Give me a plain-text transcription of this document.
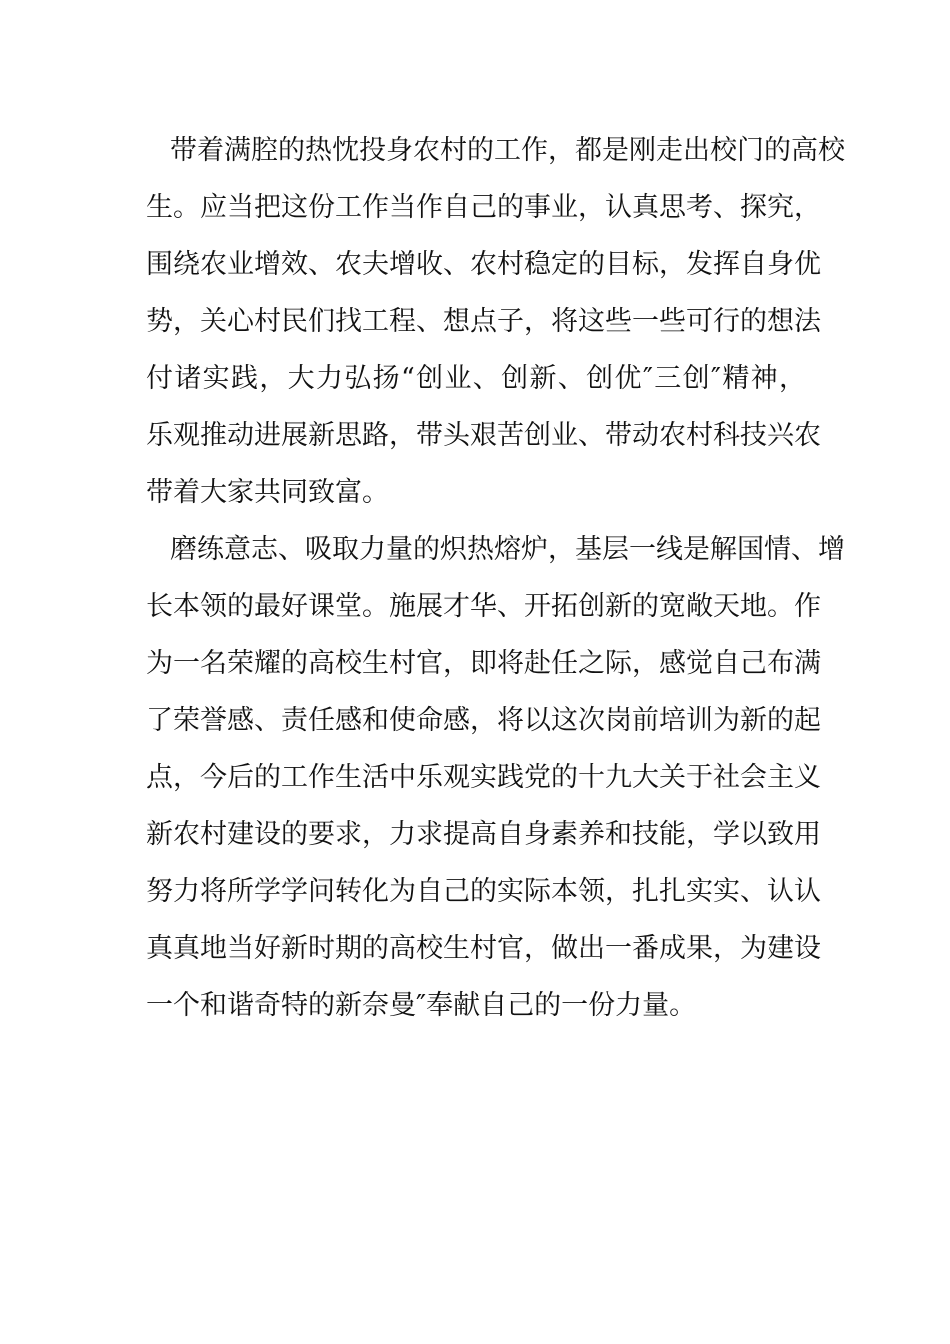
带着满腔的热忱投身农村的工作，都是刚走出校门的高校
生。应当把这份工作当作自己的事业，认真思考、探究，
围绕农业增效、农夫增收、农村稳定的目标，发挥自身优
势，关心村民们找工程、想点子，将这些一些可行的想法
付诸实践，大力弘扬“创业、创新、创优″三创″精神，
乐观推动进展新思路，带头艰苦创业、带动农村科技兴农
带着大家共同致富。
磨练意志、吸取力量的炽热熔炉，基层一线是解国情、增
长本领的最好课堂。施展才华、开拓创新的宽敞天地。作
为一名荣耀的高校生村官，即将赴任之际，感觉自己布满
了荣誉感、责任感和使命感，将以这次岗前培训为新的起
点，今后的工作生活中乐观实践党的十九大关于社会主义
新农村建设的要求，力求提高自身素养和技能，学以致用
努力将所学学问转化为自己的实际本领，扎扎实实、认认
真真地当好新时期的高校生村官，做出一番成果，为建设
一个和谐奇特的新奈曼″奉献自己的一份力量。
